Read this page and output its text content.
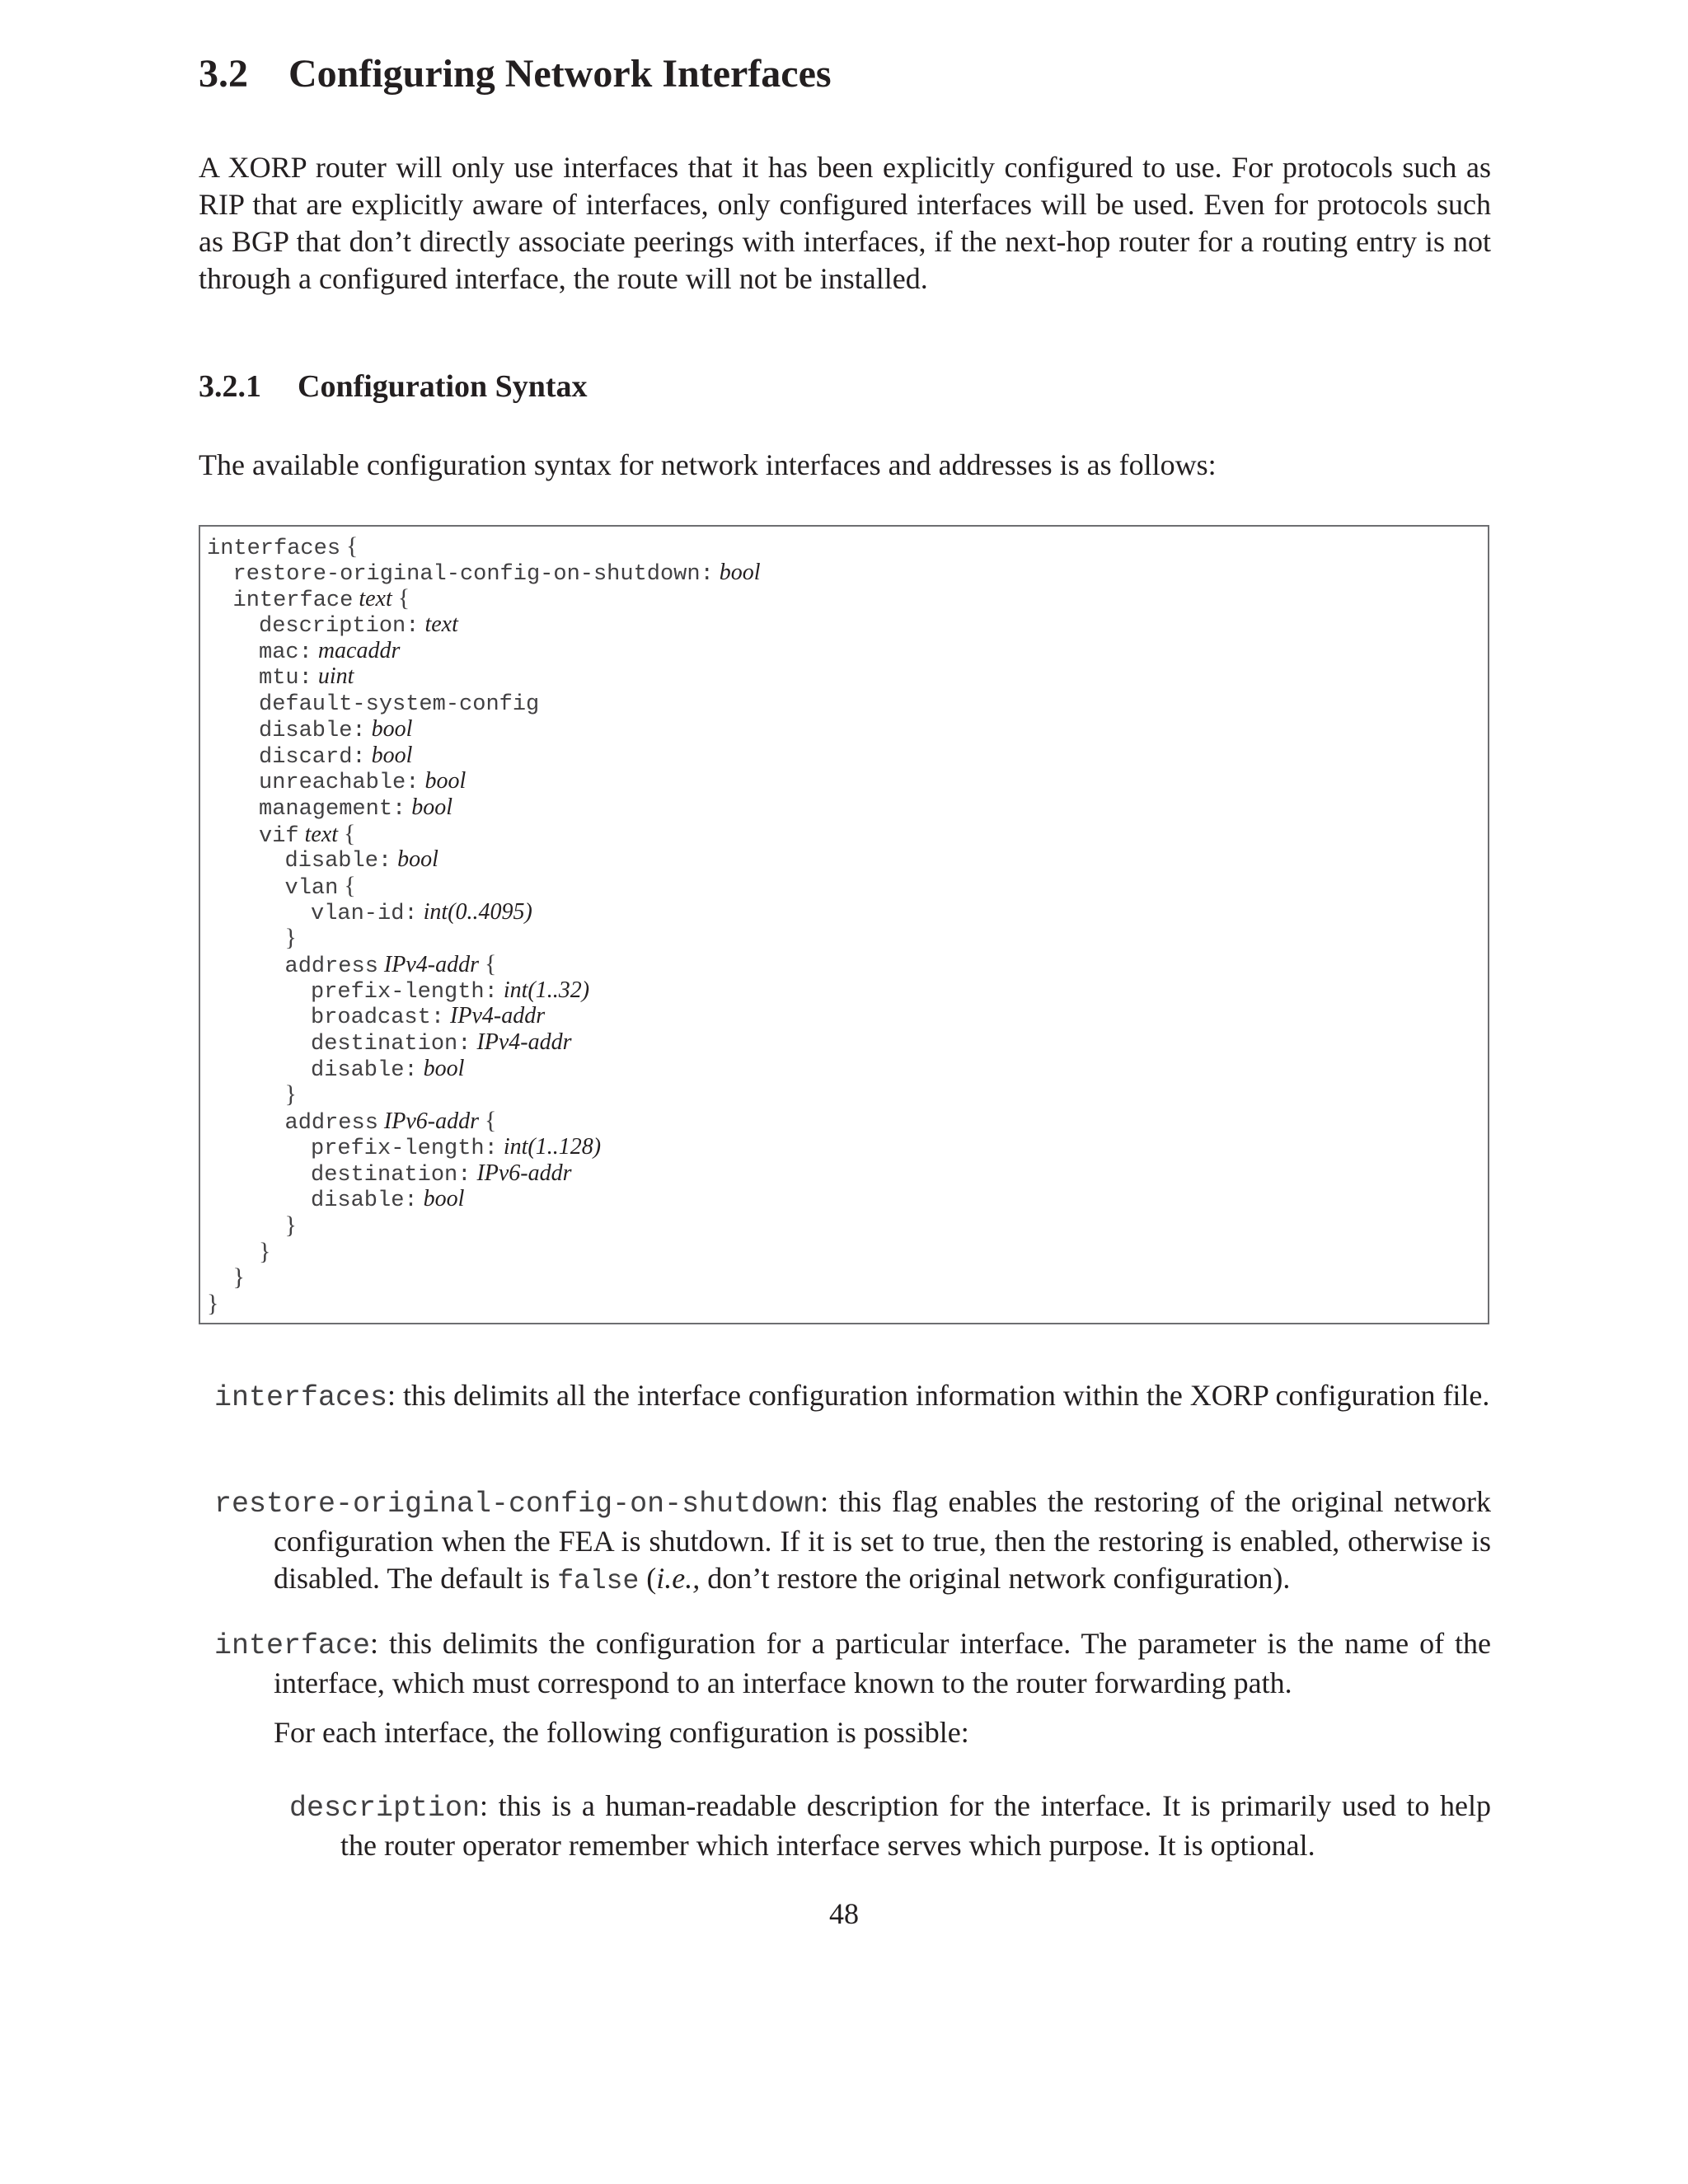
3.2 Configuring Network Interfaces

A XORP router will only use interfaces that it has been explicitly configured to use. For protocols such as RIP that are explicitly aware of interfaces, only configured interfaces will be used. Even for protocols such as BGP that don’t directly associate peerings with interfaces, if the next-hop router for a routing entry is not through a configured interface, the route will not be installed.

3.2.1 Configuration Syntax

The available configuration syntax for network interfaces and addresses is as follows:

interfaces {
restore-original-config-on-shutdown: bool
interface text {
description: text
mac: macaddr
mtu: uint
default-system-config
disable: bool
discard: bool
unreachable: bool
management: bool
vif text {
disable: bool
vlan {
vlan-id: int(0..4095)
}
address IPv4-addr {
prefix-length: int(1..32)
broadcast: IPv4-addr
destination: IPv4-addr
disable: bool
}
address IPv6-addr {
prefix-length: int(1..128)
destination: IPv6-addr
disable: bool
}
}
}
}

interfaces: this delimits all the interface configuration information within the XORP configuration file.

restore-original-config-on-shutdown: this flag enables the restoring of the original network configuration when the FEA is shutdown. If it is set to true, then the restoring is enabled, otherwise is disabled. The default is false (i.e., don’t restore the original network configuration).

interface: this delimits the configuration for a particular interface. The parameter is the name of the interface, which must correspond to an interface known to the router forwarding path.

For each interface, the following configuration is possible:

description: this is a human-readable description for the interface. It is primarily used to help the router operator remember which interface serves which purpose. It is optional.

48
